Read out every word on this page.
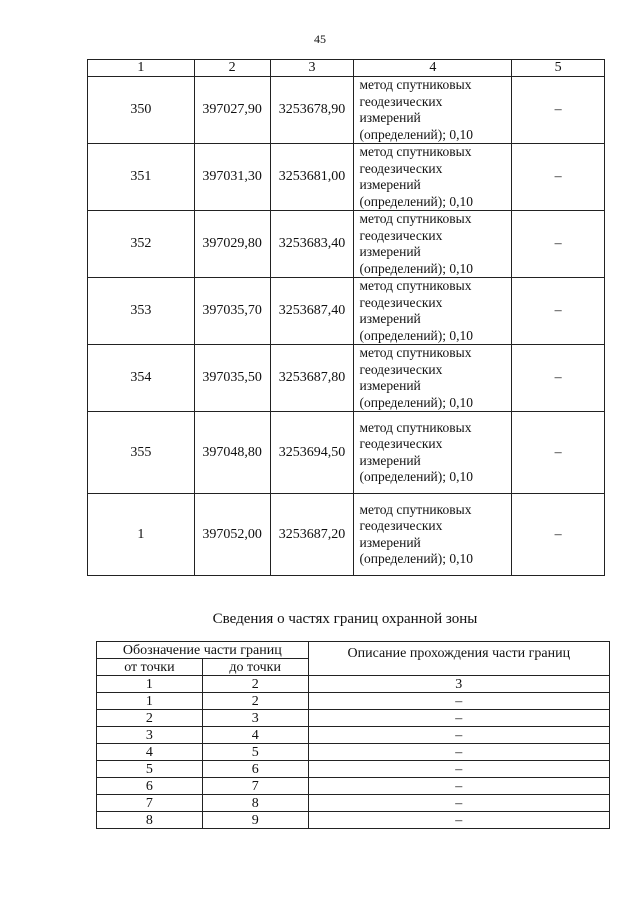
45
1	2	3	4	5
350	397027,90	3253678,90	метод спутниковых
геодезических
измерений
(определений); 0,10	–
351	397031,30	3253681,00	метод спутниковых
геодезических
измерений
(определений); 0,10	–
352	397029,80	3253683,40	метод спутниковых
геодезических
измерений
(определений); 0,10	–
353	397035,70	3253687,40	метод спутниковых
геодезических
измерений
(определений); 0,10	–
354	397035,50	3253687,80	метод спутниковых
геодезических
измерений
(определений); 0,10	–
355	397048,80	3253694,50	метод спутниковых
геодезических
измерений
(определений); 0,10	–
1	397052,00	3253687,20	метод спутниковых
геодезических
измерений
(определений); 0,10	–
Сведения о частях границ охранной зоны
Обозначение части границ		Описание прохождения части границ
от точки	до точки	
1	2	3
1	2	–
2	3	–
3	4	–
4	5	–
5	6	–
6	7	–
7	8	–
8	9	–
